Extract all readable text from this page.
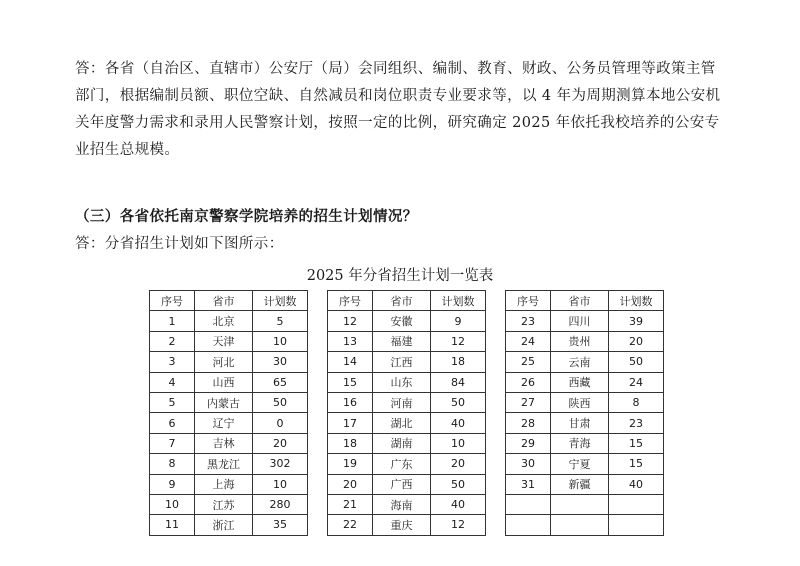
答：各省（自治区、直辖市）公安厅（局）会同组织、编制、教育、财政、公务员管理等政策主管部门，根据编制员额、职位空缺、自然减员和岗位职责专业要求等，以 4 年为周期测算本地公安机关年度警力需求和录用人民警察计划，按照一定的比例，研究确定 2025 年依托我校培养的公安专业招生总规模。

（三）各省依托南京警察学院培养的招生计划情况？

答：分省招生计划如下图所示：

2025 年分省招生计划一览表

序号	省市	计划数
1	北京	5
2	天津	10
3	河北	30
4	山西	65
5	内蒙古	50
6	辽宁	0
7	吉林	20
8	黑龙江	302
9	上海	10
10	江苏	280
11	浙江	35
序号	省市	计划数
12	安徽	9
13	福建	12
14	江西	18
15	山东	84
16	河南	50
17	湖北	40
18	湖南	10
19	广东	20
20	广西	50
21	海南	40
22	重庆	12
序号	省市	计划数
23	四川	39
24	贵州	20
25	云南	50
26	西藏	24
27	陕西	8
28	甘肃	23
29	青海	15
30	宁夏	15
31	新疆	40
